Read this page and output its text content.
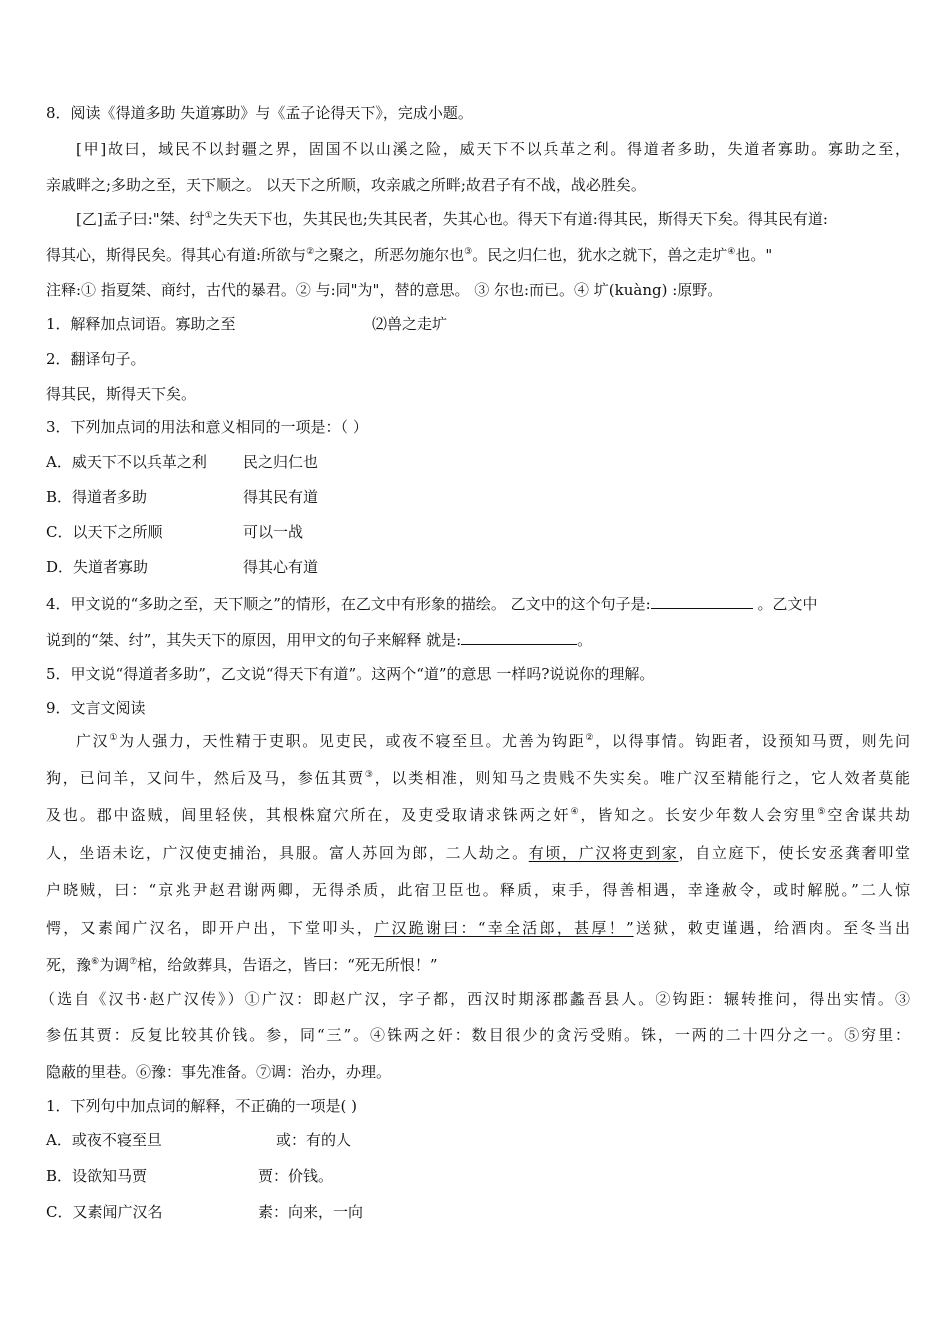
8．阅读《得道多助 失道寡助》与《孟子论得天下》，完成小题。
[甲]故曰，域民不以封疆之界，固国不以山溪之险，威天下不以兵革之利。得道者多助，失道者寡助。寡助之至，
亲戚畔之;多助之至，天下顺之。 以天下之所顺，攻亲戚之所畔;故君子有不战，战必胜矣。
[乙]孟子曰:"桀、纣①之失天下也，失其民也;失其民者，失其心也。得天下有道:得其民，斯得天下矣。得其民有道:
得其心，斯得民矣。得其心有道:所欲与②之聚之，所恶勿施尔也③。民之归仁也，犹水之就下，兽之走圹④也。"
注释:① 指夏桀、商纣，古代的暴君。② 与:同"为"，替的意思。 ③ 尔也:而已。④ 圹(kuàng) :原野。
1．解释加点词语。寡助之至	⑵兽之走圹
2．翻译句子。
得其民，斯得天下矣。
3．下列加点词的用法和意义相同的一项是：（ ）
A．威天下不以兵革之利 民之归仁也
B．得道者多助	得其民有道
C．以天下之所顺	可以一战
D．失道者寡助	得其心有道
4．甲文说的“多助之至，天下顺之”的情形，在乙文中有形象的描绘。 乙文中的这个句子是:	。乙文中
说到的“桀、纣”，其失天下的原因，用甲文的句子来解释 就是:	。
5．甲文说“得道者多助”，乙文说“得天下有道”。这两个“道”的意思 一样吗?说说你的理解。
9．文言文阅读
广汉①为人强力，天性精于吏职。见吏民，或夜不寝至旦。尤善为钩距②，以得事情。钩距者，设预知马贾，则先问
狗，已问羊，又问牛，然后及马，参伍其贾③，以类相准，则知马之贵贱不失实矣。唯广汉至精能行之，它人效者莫能
及也。郡中盗贼，闾里轻侠，其根株窟穴所在，及吏受取请求铢两之奸④，皆知之。长安少年数人会穷里⑤空舍谋共劫
人，坐语未讫，广汉使吏捕治，具服。富人苏回为郎，二人劫之。有顷，广汉将吏到家，自立庭下，使长安丞龚奢叩堂
户晓贼，曰：“京兆尹赵君谢两卿，无得杀质，此宿卫臣也。释质，束手，得善相遇，幸逢赦令，或时解脱。”二人惊
愕，又素闻广汉名，即开户出，下堂叩头，广汉跪谢曰：“幸全活郎，甚厚！”送狱，敕吏谨遇，给酒肉。至冬当出
死，豫⑥为调⑦棺，给敛葬具，告语之，皆曰：“死无所恨！”
（选自《汉书·赵广汉传》）①广汉：即赵广汉，字子都，西汉时期涿郡蠡吾县人。②钩距：辗转推问，得出实情。③
参伍其贾：反复比较其价钱。参，同“三”。④铢两之奸：数目很少的贪污受贿。铢，一两的二十四分之一。⑤穷里：
隐蔽的里巷。⑥豫：事先准备。⑦调：治办，办理。
1．下列句中加点词的解释，不正确的一项是( )
A．或夜不寝至旦	或：有的人
B．设欲知马贾	贾：价钱。
C．又素闻广汉名	素：向来，一向
